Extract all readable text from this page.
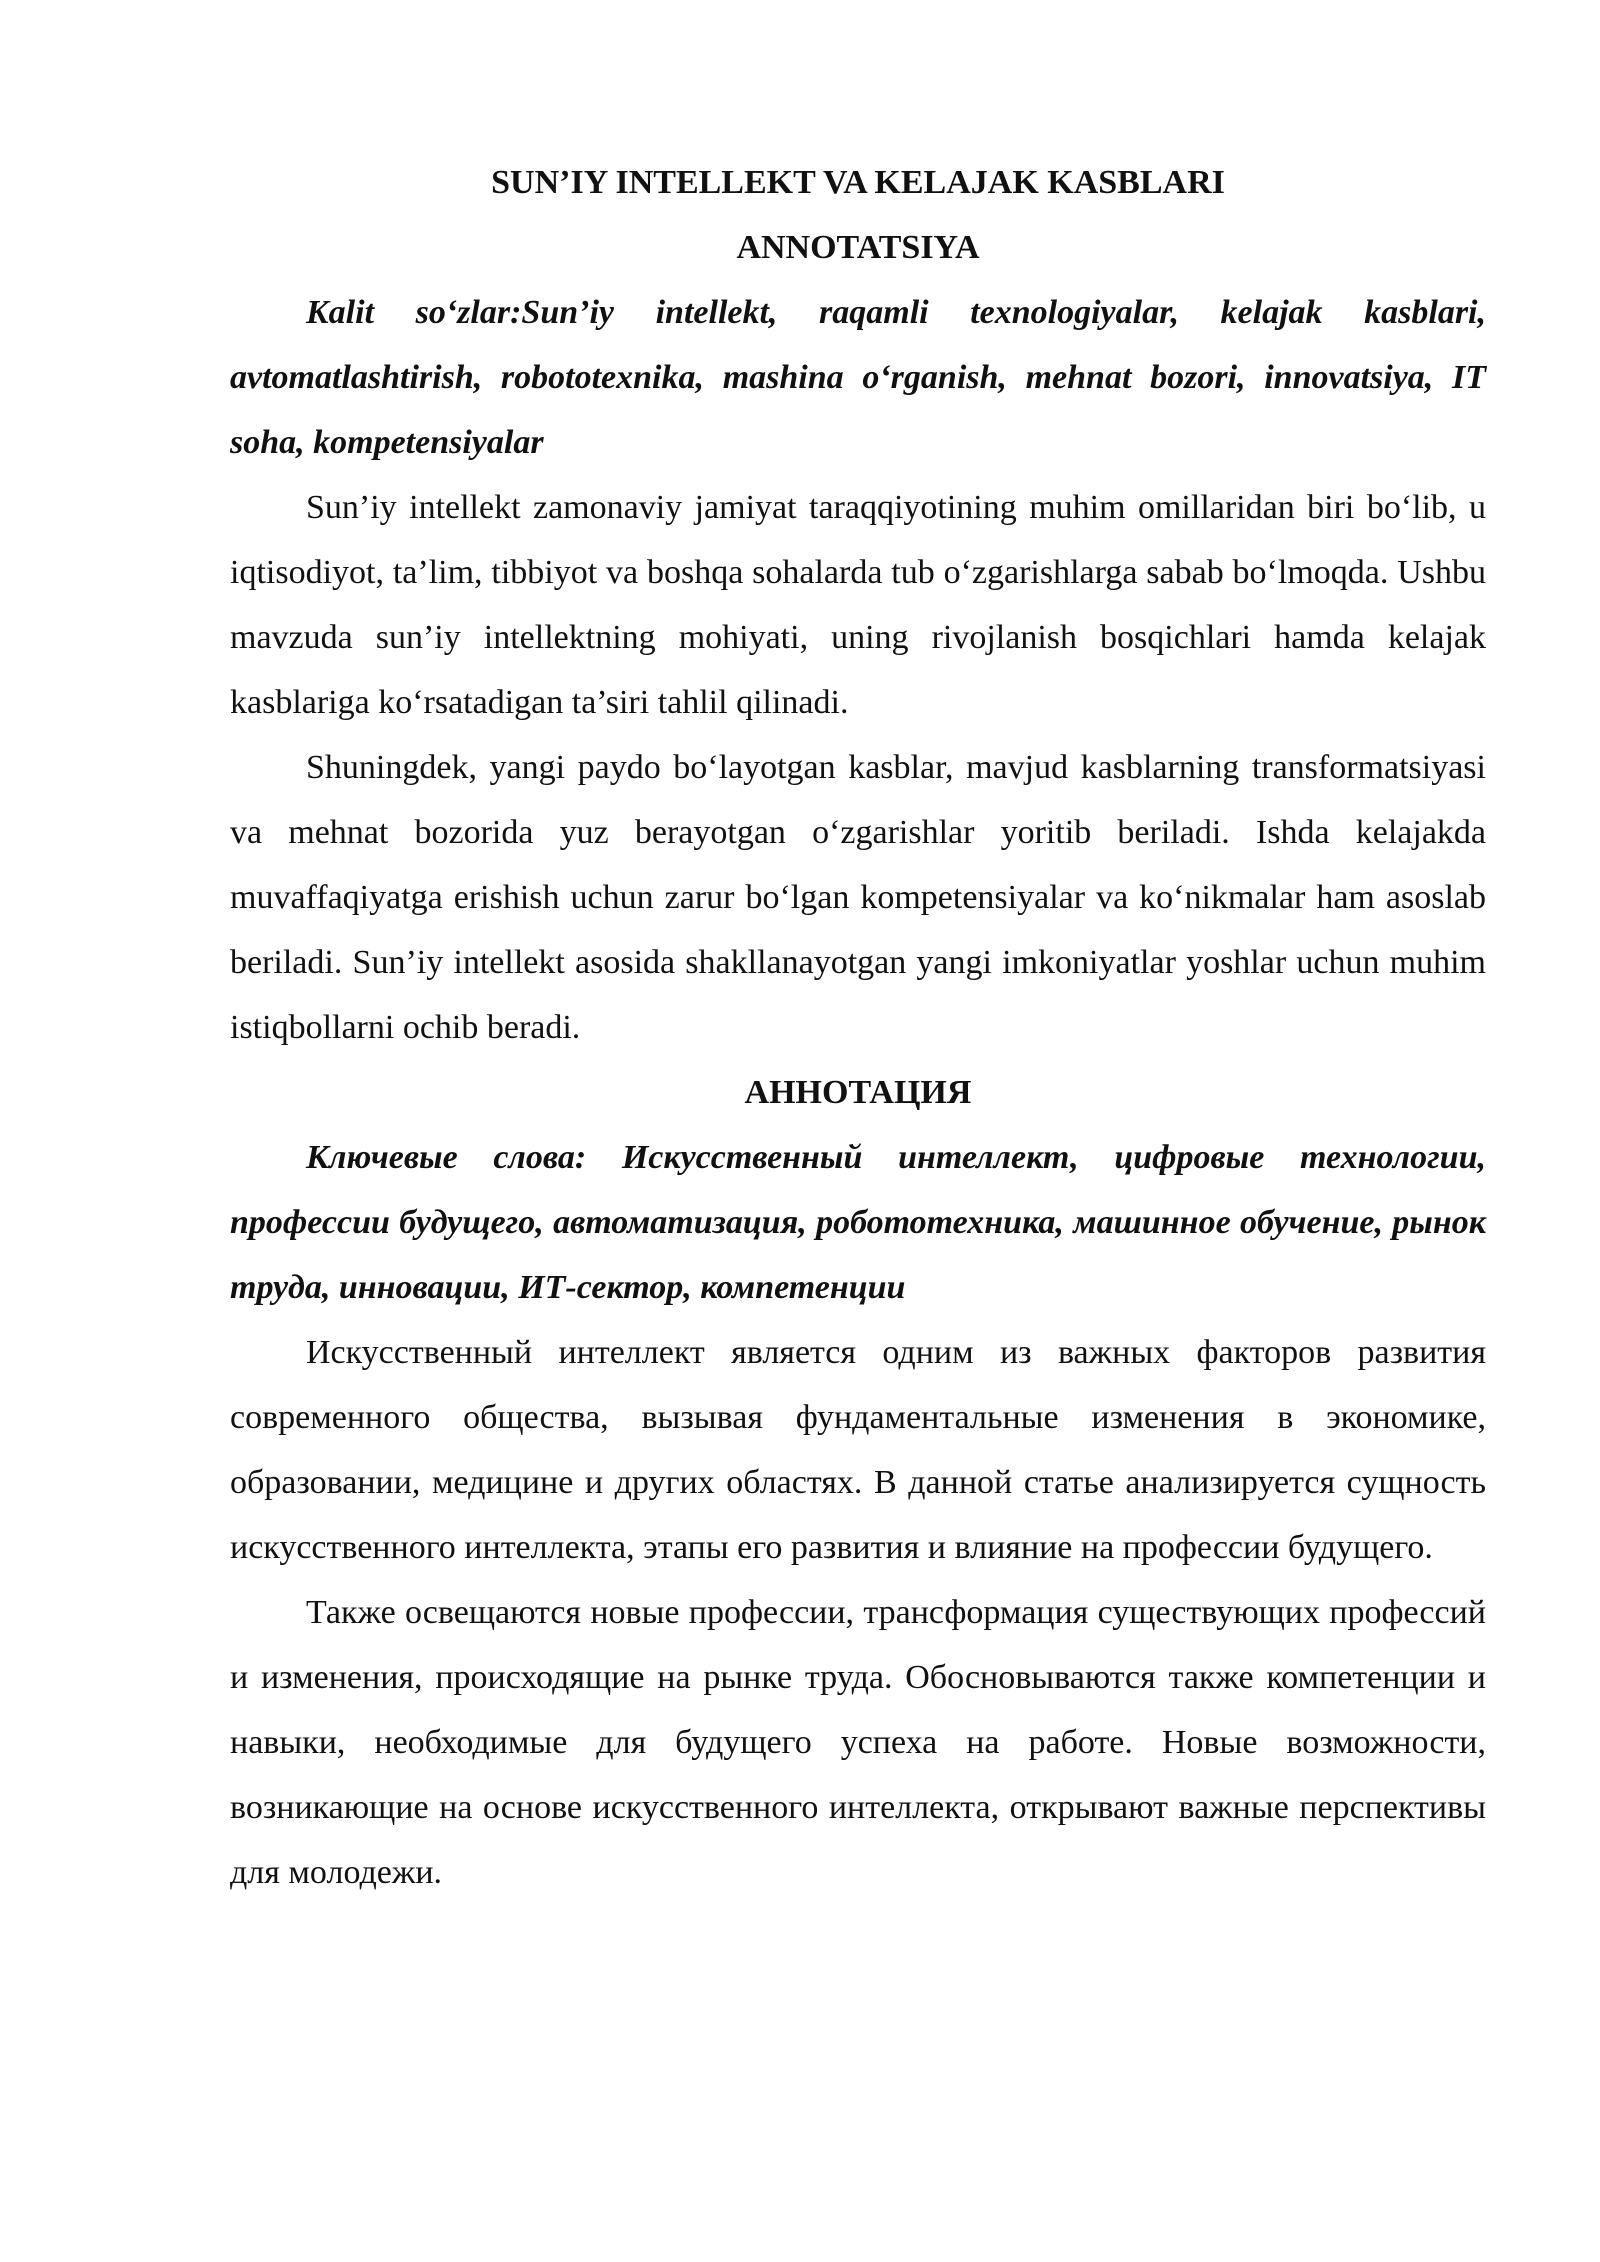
SUN’IY INTELLEKT VA KELAJAK KASBLARI
ANNOTATSIYA

Kalit so‘zlar:Sun’iy intellekt, raqamli texnologiyalar, kelajak kasblari, avtomatlashtirish, robototexnika, mashina o‘rganish, mehnat bozori, innovatsiya, IT soha, kompetensiyalar

Sun’iy intellekt zamonaviy jamiyat taraqqiyotining muhim omillaridan biri bo‘lib, u iqtisodiyot, ta’lim, tibbiyot va boshqa sohalarda tub o‘zgarishlarga sabab bo‘lmoqda. Ushbu mavzuda sun’iy intellektning mohiyati, uning rivojlanish bosqichlari hamda kelajak kasblariga ko‘rsatadigan ta’siri tahlil qilinadi.

Shuningdek, yangi paydo bo‘layotgan kasblar, mavjud kasblarning transformatsiyasi va mehnat bozorida yuz berayotgan o‘zgarishlar yoritib beriladi. Ishda kelajakda muvaffaqiyatga erishish uchun zarur bo‘lgan kompetensiyalar va ko‘nikmalar ham asoslab beriladi. Sun’iy intellekt asosida shakllanayotgan yangi imkoniyatlar yoshlar uchun muhim istiqbollarni ochib beradi.

АННОТАЦИЯ

Ключевые слова: Искусственный интеллект, цифровые технологии, профессии будущего, автоматизация, робототехника, машинное обучение, рынок труда, инновации, ИТ-сектор, компетенции

Искусственный интеллект является одним из важных факторов развития современного общества, вызывая фундаментальные изменения в экономике, образовании, медицине и других областях. В данной статье анализируется сущность искусственного интеллекта, этапы его развития и влияние на профессии будущего.

Также освещаются новые профессии, трансформация существующих профессий и изменения, происходящие на рынке труда. Обосновываются также компетенции и навыки, необходимые для будущего успеха на работе. Новые возможности, возникающие на основе искусственного интеллекта, открывают важные перспективы для молодежи.
